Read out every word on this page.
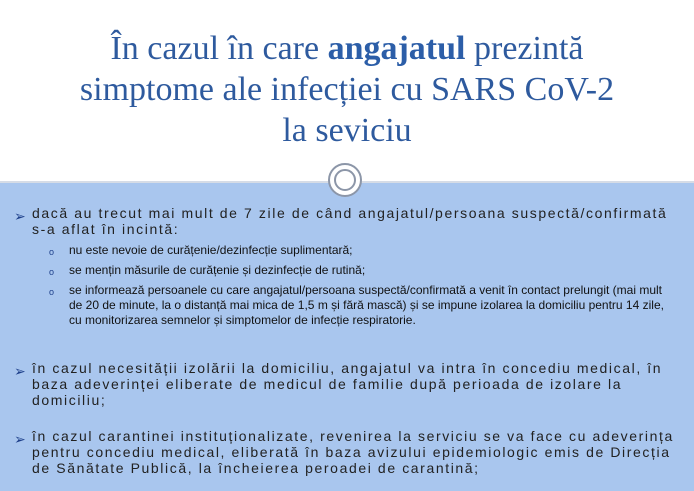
În cazul în care angajatul prezintă
simptome ale infecției cu SARS CoV-2
la seviciu
➢ dacă au trecut mai mult de 7 zile de când angajatul/persoana suspectă/confirmată s-a aflat în incintă:
o nu este nevoie de curățenie/dezinfecție suplimentară;
o se mențin măsurile de curățenie și dezinfecție de rutină;
o se informează persoanele cu care angajatul/persoana suspectă/confirmată a venit în contact prelungit (mai mult de 20 de minute, la o distanță mai mica de 1,5 m și fără mască) și se impune izolarea la domiciliu pentru 14 zile, cu monitorizarea semnelor și simptomelor de infecție respiratorie.
➢ în cazul necesității izolării la domiciliu, angajatul va intra în concediu medical, în baza adeverinței eliberate de medicul de familie după perioada de izolare la domiciliu;
➢ în cazul carantinei instituționalizate, revenirea la serviciu se va face cu adeverința pentru concediu medical, eliberată în baza avizului epidemiologic emis de Direcția de Sănătate Publică, la încheierea peroadei de carantină;
